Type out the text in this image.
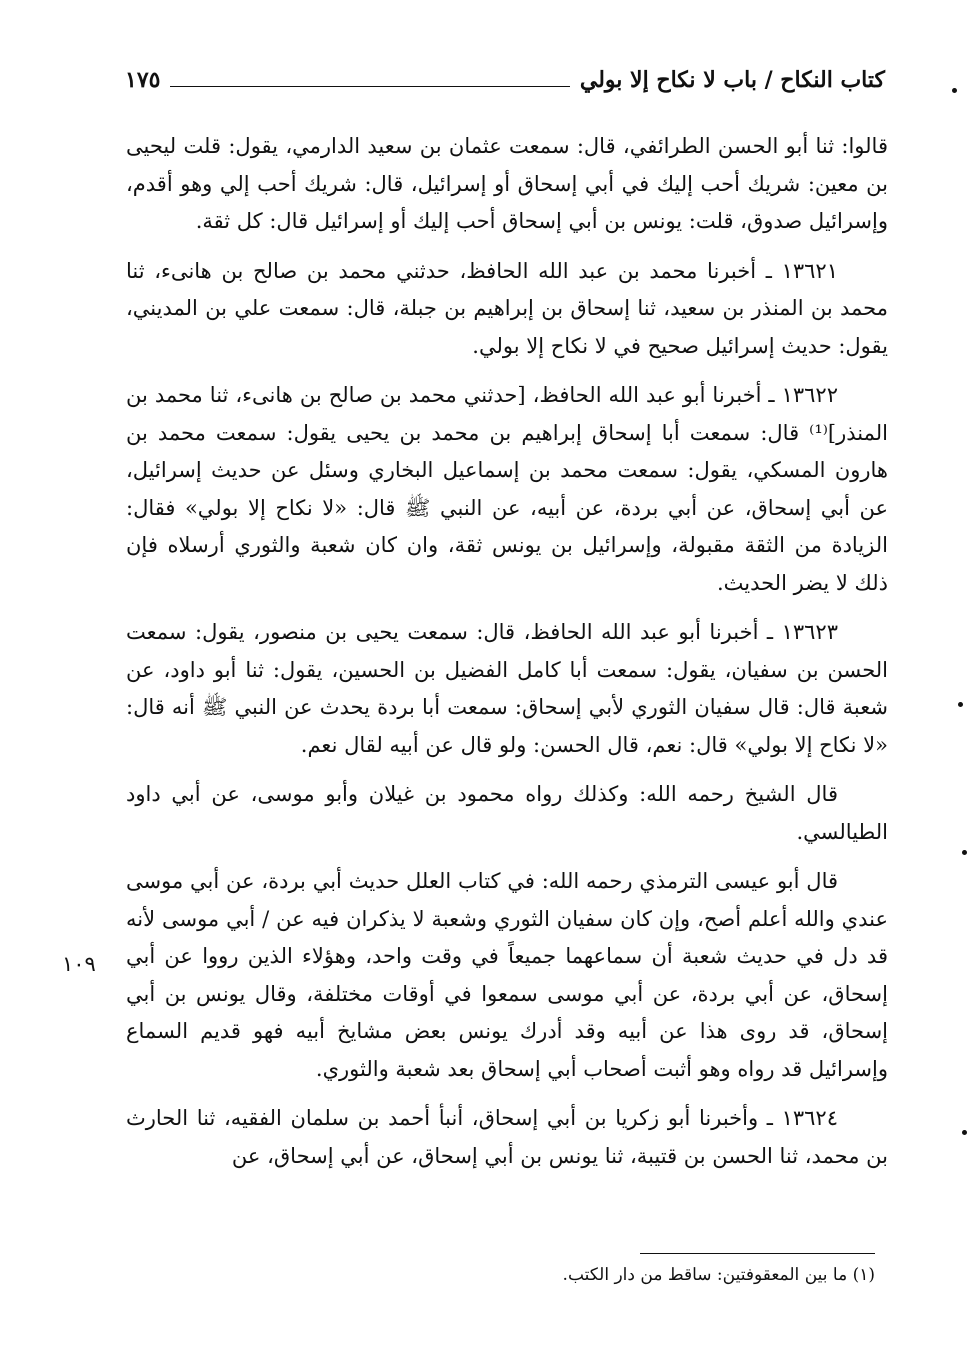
كتاب النكاح / باب لا نكاح إلا بولي
١٧٥

قالوا: ثنا أبو الحسن الطرائفي، قال: سمعت عثمان بن سعيد الدارمي، يقول: قلت ليحيى بن معين: شريك أحب إليك في أبي إسحاق أو إسرائيل، قال: شريك أحب إلي وهو أقدم، وإسرائيل صدوق، قلت: يونس بن أبي إسحاق أحب إليك أو إسرائيل قال: كل ثقة.

١٣٦٢١ ـ أخبرنا محمد بن عبد الله الحافظ، حدثني محمد بن صالح بن هانىء، ثنا محمد بن المنذر بن سعيد، ثنا إسحاق بن إبراهيم بن جبلة، قال: سمعت علي بن المديني، يقول: حديث إسرائيل صحيح في لا نكاح إلا بولي.

١٣٦٢٢ ـ أخبرنا أبو عبد الله الحافظ، [حدثني محمد بن صالح بن هانىء، ثنا محمد بن المنذر]⁽¹⁾ قال: سمعت أبا إسحاق إبراهيم بن محمد بن يحيى يقول: سمعت محمد بن هارون المسكي، يقول: سمعت محمد بن إسماعيل البخاري وسئل عن حديث إسرائيل، عن أبي إسحاق، عن أبي بردة، عن أبيه، عن النبي ﷺ قال: «لا نكاح إلا بولي» فقال: الزيادة من الثقة مقبولة، وإسرائيل بن يونس ثقة، وان كان شعبة والثوري أرسلاه فإن ذلك لا يضر الحديث.

١٣٦٢٣ ـ أخبرنا أبو عبد الله الحافظ، قال: سمعت يحيى بن منصور، يقول: سمعت الحسن بن سفيان، يقول: سمعت أبا كامل الفضيل بن الحسين، يقول: ثنا أبو داود، عن شعبة قال: قال سفيان الثوري لأبي إسحاق: سمعت أبا بردة يحدث عن النبي ﷺ أنه قال: «لا نكاح إلا بولي» قال: نعم، قال الحسن: ولو قال عن أبيه لقال نعم.

قال الشيخ رحمه الله: وكذلك رواه محمود بن غيلان وأبو موسى، عن أبي داود الطيالسي.

قال أبو عيسى الترمذي رحمه الله: في كتاب العلل حديث أبي بردة، عن أبي موسى عندي والله أعلم أصح، وإن كان سفيان الثوري وشعبة لا يذكران فيه عن / أبي موسى لأنه قد دل في حديث شعبة أن سماعهما جميعاً في وقت واحد، وهؤلاء الذين رووا عن أبي إسحاق، عن أبي بردة، عن أبي موسى سمعوا في أوقات مختلفة، وقال يونس بن أبي إسحاق، قد روى هذا عن أبيه وقد أدرك يونس بعض مشايخ أبيه فهو قديم السماع وإسرائيل قد رواه وهو أثبت أصحاب أبي إسحاق بعد شعبة والثوري.

١٣٦٢٤ ـ وأخبرنا أبو زكريا بن أبي إسحاق، أنبأ أحمد بن سلمان الفقيه، ثنا الحارث بن محمد، ثنا الحسن بن قتيبة، ثنا يونس بن أبي إسحاق، عن أبي إسحاق، عن

١٠٩
(١) ما بين المعقوفتين: ساقط من دار الكتب.
